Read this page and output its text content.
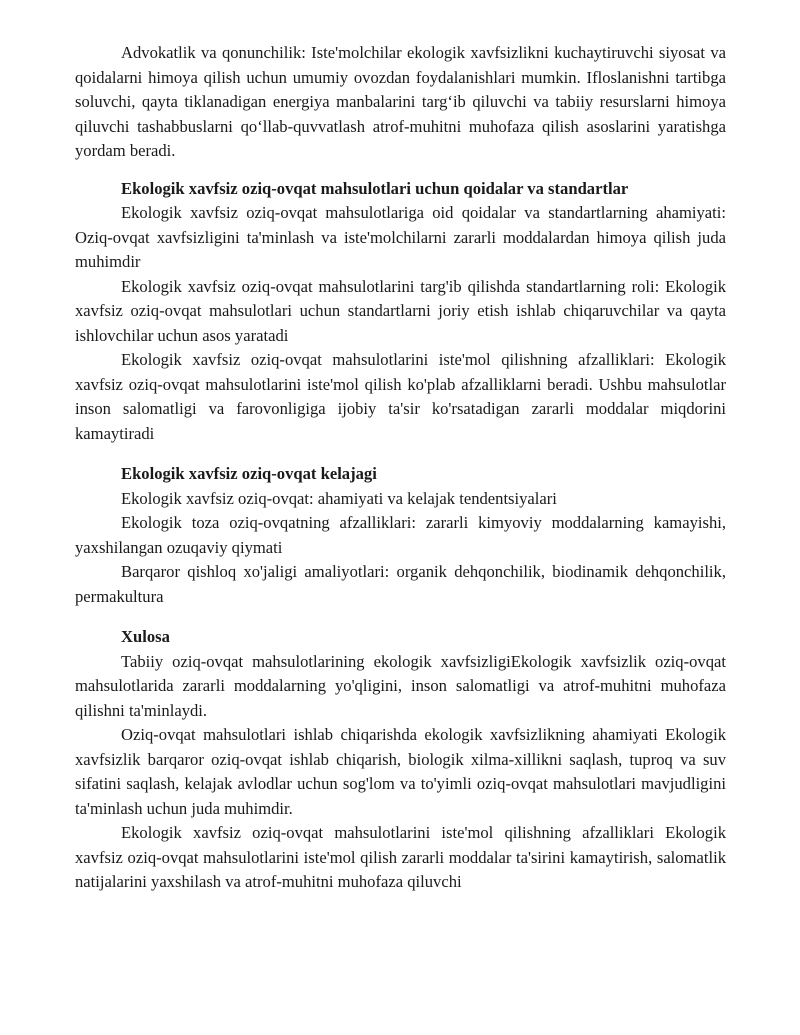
Advokatlik va qonunchilik: Iste'molchilar ekologik xavfsizlikni kuchaytiruvchi siyosat va qoidalarni himoya qilish uchun umumiy ovozdan foydalanishlari mumkin. Ifloslanishni tartibga soluvchi, qayta tiklanadigan energiya manbalarini targ‘ib qiluvchi va tabiiy resurslarni himoya qiluvchi tashabbuslarni qo‘llab-quvvatlash atrof-muhitni muhofaza qilish asoslarini yaratishga yordam beradi.

Ekologik xavfsiz oziq-ovqat mahsulotlari uchun qoidalar va standartlar

Ekologik xavfsiz oziq-ovqat mahsulotlariga oid qoidalar va standartlarning ahamiyati: Oziq-ovqat xavfsizligini ta'minlash va iste'molchilarni zararli moddalardan himoya qilish juda muhimdir

Ekologik xavfsiz oziq-ovqat mahsulotlarini targ'ib qilishda standartlarning roli: Ekologik xavfsiz oziq-ovqat mahsulotlari uchun standartlarni joriy etish ishlab chiqaruvchilar va qayta ishlovchilar uchun asos yaratadi

Ekologik xavfsiz oziq-ovqat mahsulotlarini iste'mol qilishning afzalliklari: Ekologik xavfsiz oziq-ovqat mahsulotlarini iste'mol qilish ko'plab afzalliklarni beradi. Ushbu mahsulotlar inson salomatligi va farovonligiga ijobiy ta'sir ko'rsatadigan zararli moddalar miqdorini kamaytiradi

Ekologik xavfsiz oziq-ovqat kelajagi

Ekologik xavfsiz oziq-ovqat: ahamiyati va kelajak tendentsiyalari

Ekologik toza oziq-ovqatning afzalliklari: zararli kimyoviy moddalarning kamayishi, yaxshilangan ozuqaviy qiymati

Barqaror qishloq xo'jaligi amaliyotlari: organik dehqonchilik, biodinamik dehqonchilik, permakultura

Xulosa

Tabiiy oziq-ovqat mahsulotlarining ekologik xavfsizligiEkologik xavfsizlik oziq-ovqat mahsulotlarida zararli moddalarning yo'qligini, inson salomatligi va atrof-muhitni muhofaza qilishni ta'minlaydi.

Oziq-ovqat mahsulotlari ishlab chiqarishda ekologik xavfsizlikning ahamiyati Ekologik xavfsizlik barqaror oziq-ovqat ishlab chiqarish, biologik xilma-xillikni saqlash, tuproq va suv sifatini saqlash, kelajak avlodlar uchun sog'lom va to'yimli oziq-ovqat mahsulotlari mavjudligini ta'minlash uchun juda muhimdir.

Ekologik xavfsiz oziq-ovqat mahsulotlarini iste'mol qilishning afzalliklari Ekologik xavfsiz oziq-ovqat mahsulotlarini iste'mol qilish zararli moddalar ta'sirini kamaytirish, salomatlik natijalarini yaxshilash va atrof-muhitni muhofaza qiluvchi
